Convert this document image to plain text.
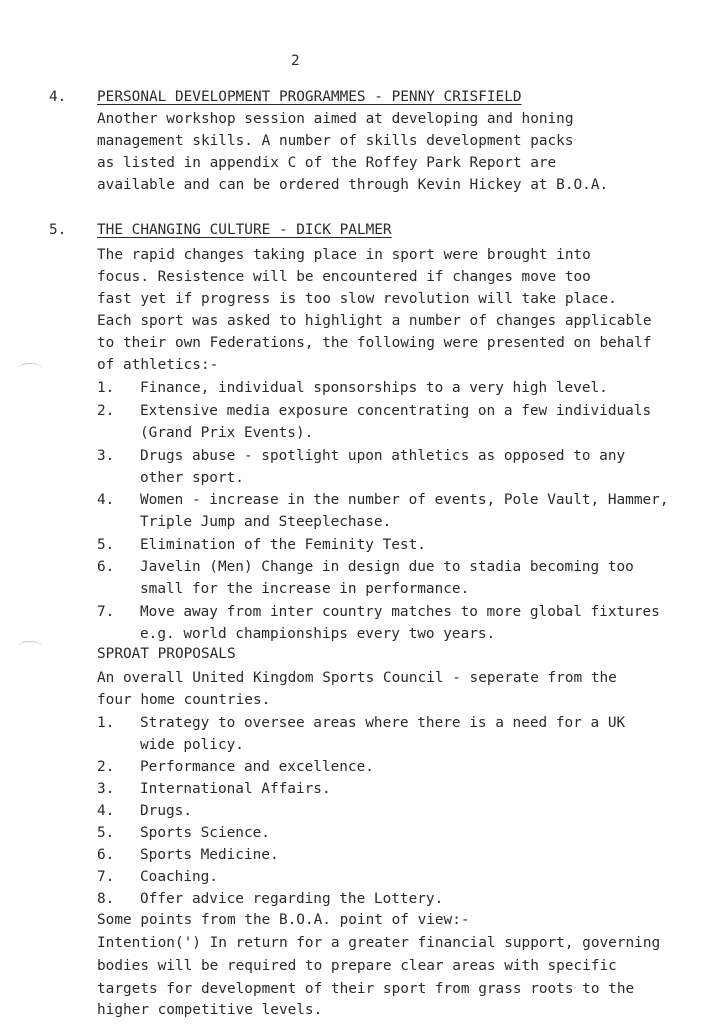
2
4. PERSONAL DEVELOPMENT PROGRAMMES - PENNY CRISFIELD
Another workshop session aimed at developing and honing
management skills. A number of skills development packs
as listed in appendix C of the Roffey Park Report are
available and can be ordered through Kevin Hickey at B.O.A.
5. THE CHANGING CULTURE - DICK PALMER
The rapid changes taking place in sport were brought into
focus. Resistence will be encountered if changes move too
fast yet if progress is too slow revolution will take place.
Each sport was asked to highlight a number of changes applicable
to their own Federations, the following were presented on behalf
of athletics:-
1. Finance, individual sponsorships to a very high level.
2. Extensive media exposure concentrating on a few individuals
(Grand Prix Events).
3. Drugs abuse - spotlight upon athletics as opposed to any
other sport.
4. Women - increase in the number of events, Pole Vault, Hammer,
Triple Jump and Steeplechase.
5. Elimination of the Feminity Test.
6. Javelin (Men) Change in design due to stadia becoming too
small for the increase in performance.
7. Move away from inter country matches to more global fixtures
e.g. world championships every two years.
SPROAT PROPOSALS
An overall United Kingdom Sports Council - seperate from the
four home countries.
1. Strategy to oversee areas where there is a need for a UK
wide policy.
2. Performance and excellence.
3. International Affairs.
4. Drugs.
5. Sports Science.
6. Sports Medicine.
7. Coaching.
8. Offer advice regarding the Lottery.
Some points from the B.O.A. point of view:-
Intention(') In return for a greater financial support, governing
bodies will be required to prepare clear areas with specific
targets for development of their sport from grass roots to the
higher competitive levels.
